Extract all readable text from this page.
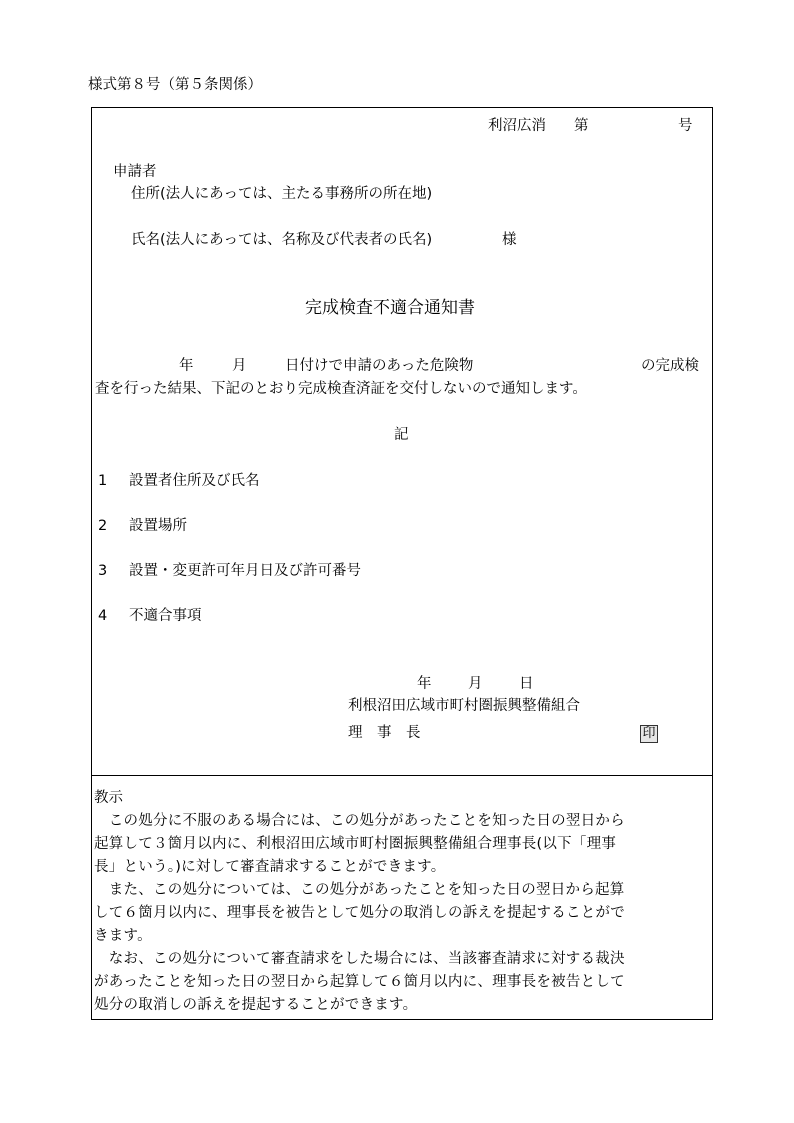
様式第８号（第５条関係）
利沼広消 第	号
申請者
住所(法人にあっては、主たる事務所の所在地)
氏名(法人にあっては、名称及び代表者の氏名)	様
完成検査不適合通知書
年	月	日付けで申請のあった危険物	の完成検
査を行った結果、下記のとおり完成検査済証を交付しないので通知します。
記
1 設置者住所及び氏名
2 設置場所
3 設置・変更許可年月日及び許可番号
4 不適合事項
年	月	日
利根沼田広域市町村圏振興整備組合
理　事　長	印
教示
　この処分に不服のある場合には、この処分があったことを知った日の翌日から
起算して３箇月以内に、利根沼田広域市町村圏振興整備組合理事長(以下「理事
長」という。)に対して審査請求することができます。
　また、この処分については、この処分があったことを知った日の翌日から起算
して６箇月以内に、理事長を被告として処分の取消しの訴えを提起することがで
きます。
　なお、この処分について審査請求をした場合には、当該審査請求に対する裁決
があったことを知った日の翌日から起算して６箇月以内に、理事長を被告として
処分の取消しの訴えを提起することができます。
